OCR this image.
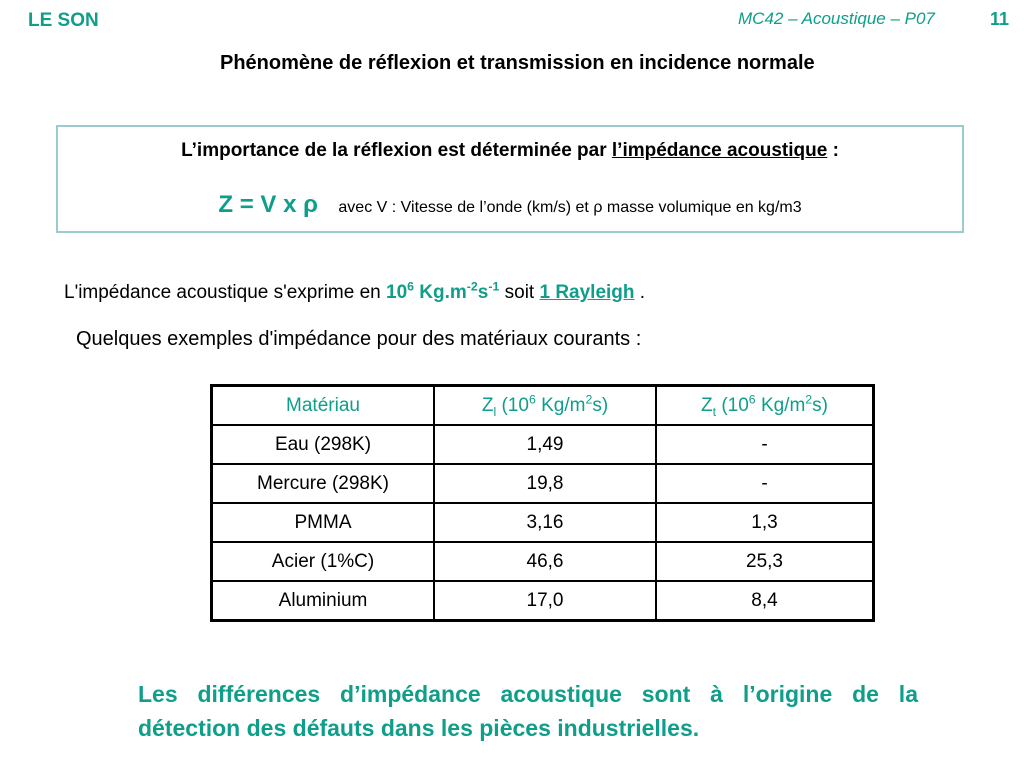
LE SON	MC42 – Acoustique – P07	11
Phénomène de réflexion et transmission en incidence normale
L’importance de la réflexion est déterminée par l’impédance acoustique :
Z = V x ρ avec V : Vitesse de l’onde (km/s) et ρ masse volumique en kg/m3
L'impédance acoustique s'exprime en $10^6$ $Kg.m^{-2}s^{-1}$ soit 1 Rayleigh .
Quelques exemples d'impédance pour des matériaux courants :
Matériau	$Z_l$ ($10^6$ $Kg/m^2s$)	$Z_t$ ($10^6$ $Kg/m^2s$)
Eau (298K)	1,49	-
Mercure (298K)	19,8	-
PMMA	3,16	1,3
Acier (1%C)	46,6	25,3
Aluminium	17,0	8,4
Les différences d’impédance acoustique sont à l’origine de la détection des défauts dans les pièces industrielles.
